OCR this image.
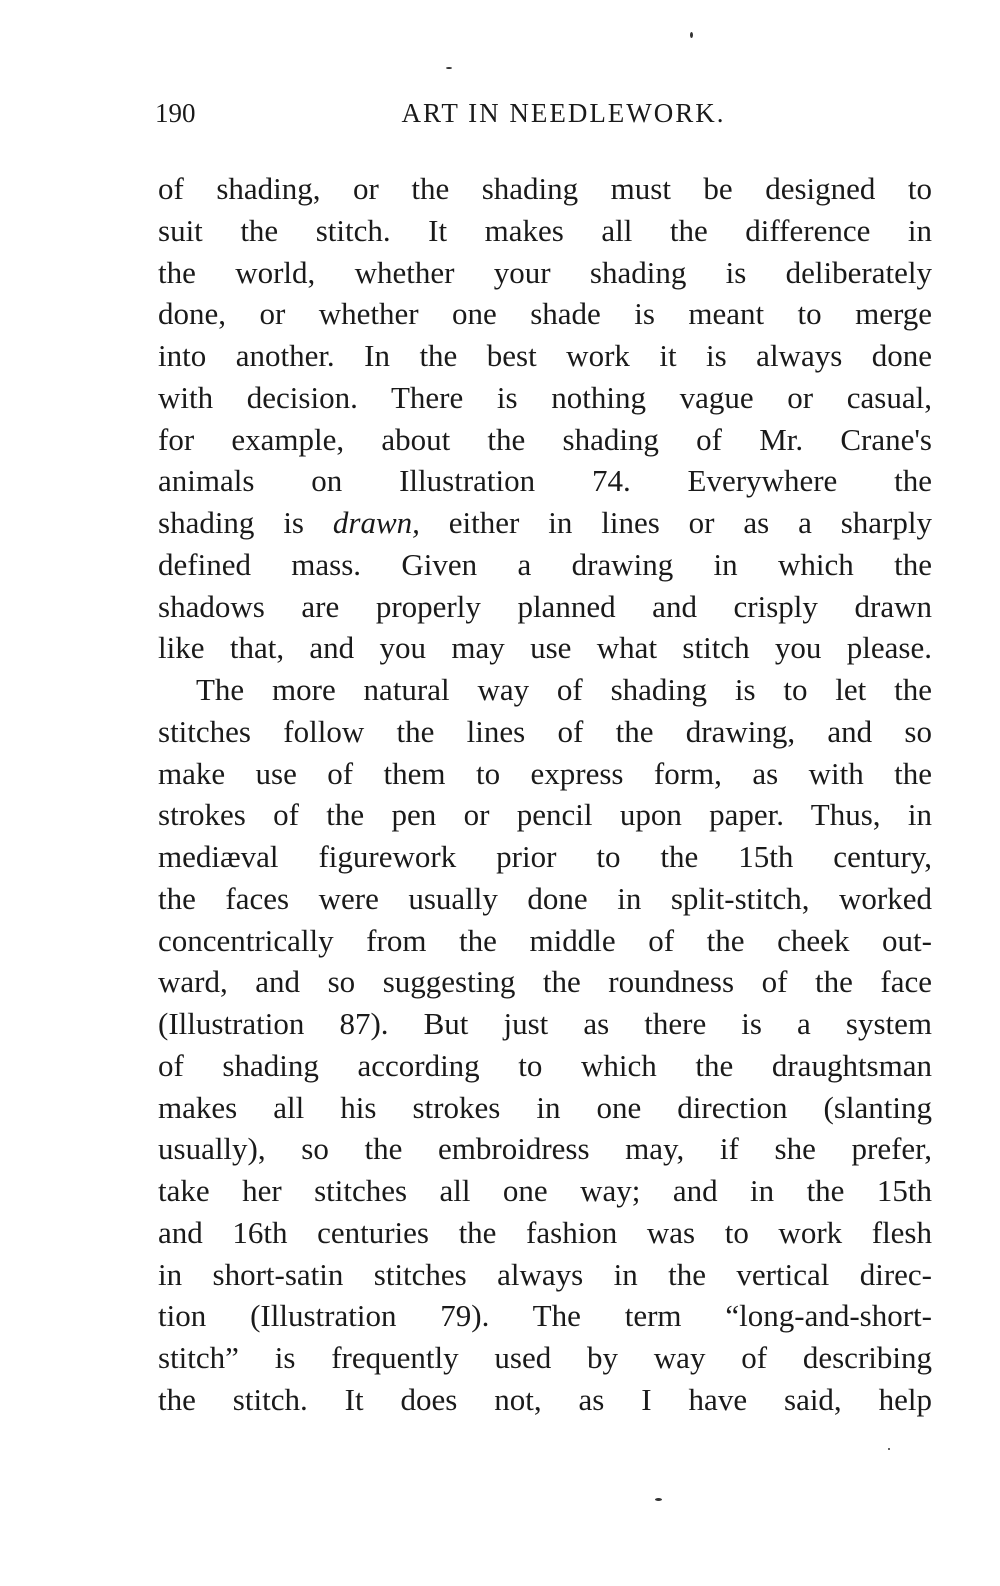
190	ART IN NEEDLEWORK.
of shading, or the shading must be designed to
suit the stitch. It makes all the difference in
the world, whether your shading is deliberately
done, or whether one shade is meant to merge
into another. In the best work it is always done
with decision. There is nothing vague or casual,
for example, about the shading of Mr. Crane's
animals on Illustration 74. Everywhere the
shading is drawn, either in lines or as a sharply
defined mass. Given a drawing in which the
shadows are properly planned and crisply drawn
like that, and you may use what stitch you please.
The more natural way of shading is to let the
stitches follow the lines of the drawing, and so
make use of them to express form, as with the
strokes of the pen or pencil upon paper. Thus, in
mediæval figurework prior to the 15th century,
the faces were usually done in split-stitch, worked
concentrically from the middle of the cheek out-
ward, and so suggesting the roundness of the face
(Illustration 87). But just as there is a system
of shading according to which the draughtsman
makes all his strokes in one direction (slanting
usually), so the embroidress may, if she prefer,
take her stitches all one way; and in the 15th
and 16th centuries the fashion was to work flesh
in short-satin stitches always in the vertical direc-
tion (Illustration 79). The term “long-and-short-
stitch” is frequently used by way of describing
the stitch. It does not, as I have said, help
